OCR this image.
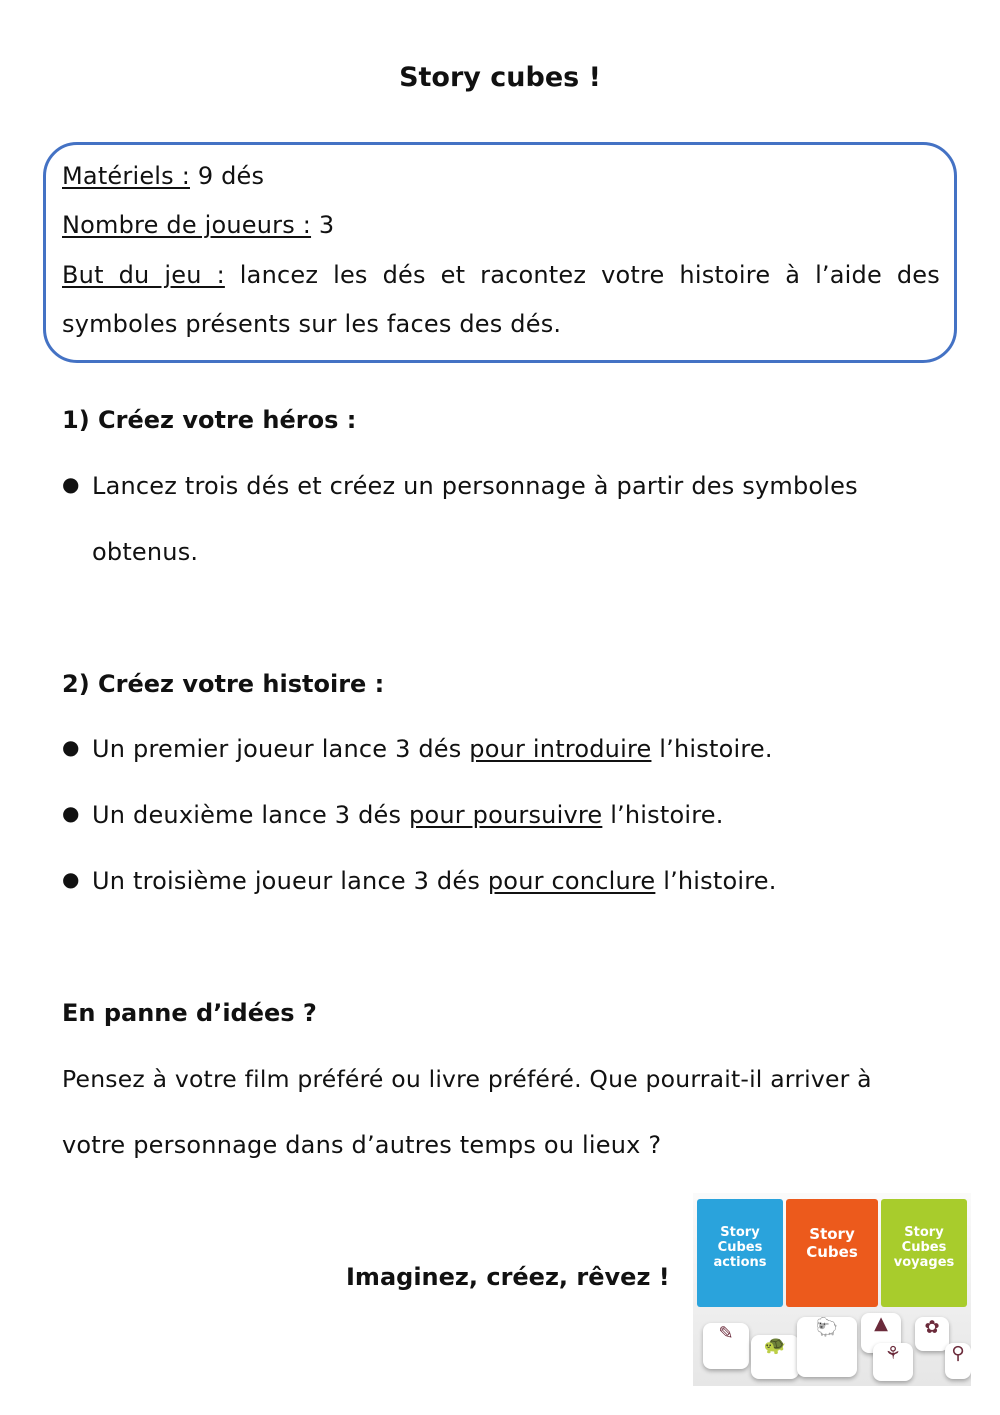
Story cubes !
Matériels : 9 dés
Nombre de joueurs : 3
But du jeu : lancez les dés et racontez votre histoire à l’aide des
symboles présents sur les faces des dés.
1) Créez votre héros :
● Lancez trois dés et créez un personnage à partir des symboles
obtenus.
2) Créez votre histoire :
● Un premier joueur lance 3 dés pour introduire l’histoire.
● Un deuxième lance 3 dés pour poursuivre l’histoire.
● Un troisième joueur lance 3 dés pour conclure l’histoire.
En panne d’idées ?
Pensez à votre film préféré ou livre préféré. Que pourrait-il arriver à
votre personnage dans d’autres temps ou lieux ?
Imaginez, créez, rêvez !
Story Cubes actions
Story Cubes
Story Cubes voyages
✎
🐢
🐑	▲
⚘
✿
⚲
